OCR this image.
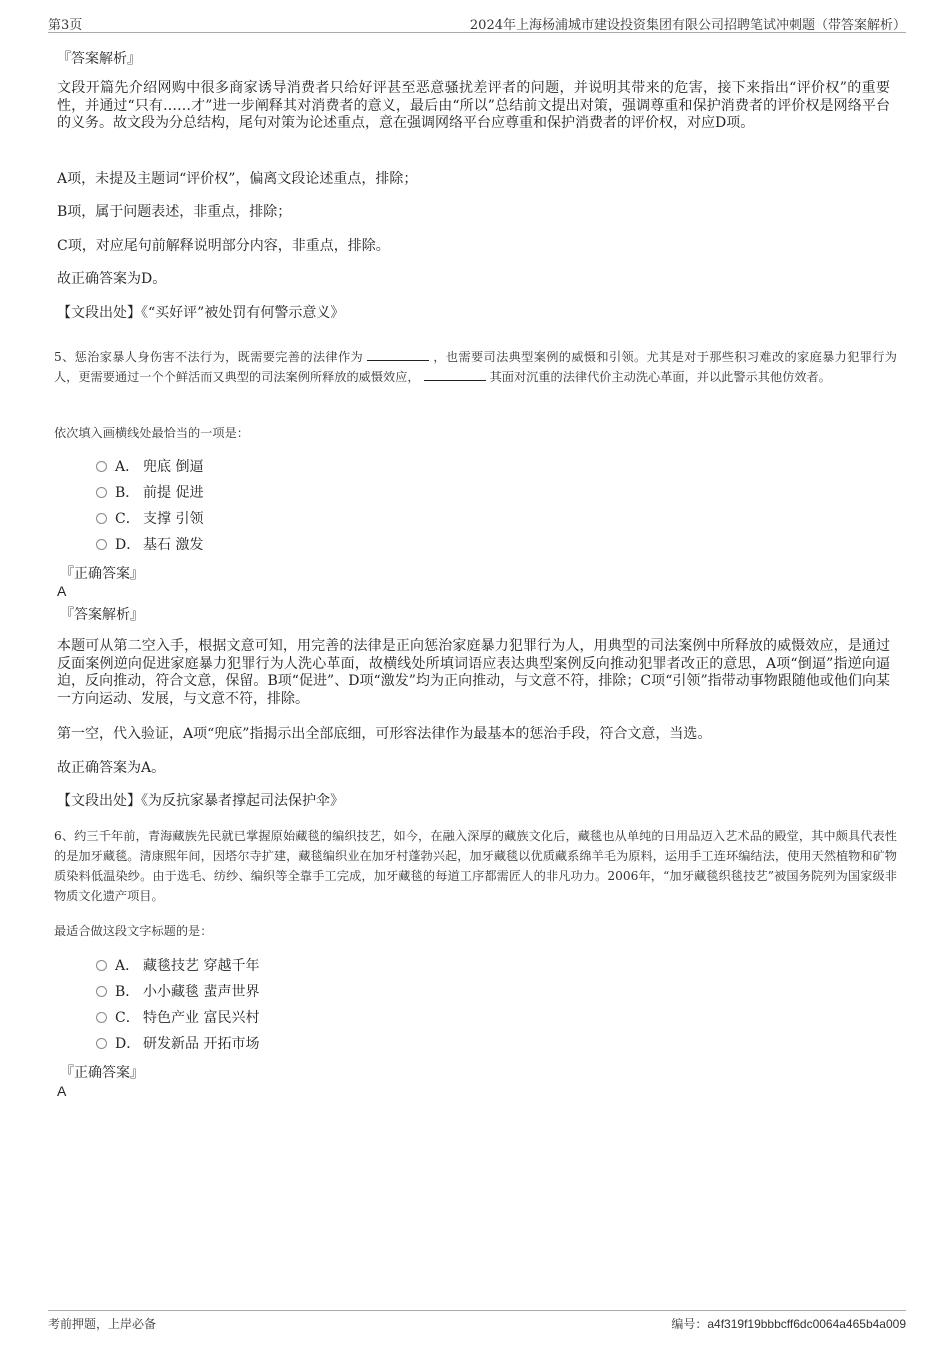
第3页	2024年上海杨浦城市建设投资集团有限公司招聘笔试冲刺题（带答案解析）
『答案解析』
文段开篇先介绍网购中很多商家诱导消费者只给好评甚至恶意骚扰差评者的问题，并说明其带来的危害，接下来指出“评价权”的重要性，并通过“只有……才”进一步阐释其对消费者的意义，最后由“所以”总结前文提出对策，强调尊重和保护消费者的评价权是网络平台的义务。故文段为分总结构，尾句对策为论述重点，意在强调网络平台应尊重和保护消费者的评价权，对应D项。
A项，未提及主题词“评价权”，偏离文段论述重点，排除；
B项，属于问题表述，非重点，排除；
C项，对应尾句前解释说明部分内容，非重点，排除。
故正确答案为D。
【文段出处】《“买好评”被处罚有何警示意义》
5、惩治家暴人身伤害不法行为，既需要完善的法律作为	，也需要司法典型案例的威慑和引领。尤其是对于那些积习难改的家庭暴力犯罪行为人，更需要通过一个个鲜活而又典型的司法案例所释放的威慑效应，	其面对沉重的法律代价主动洗心革面，并以此警示其他仿效者。
依次填入画横线处最恰当的一项是：
A． 兜底 倒逼
B． 前提 促进
C． 支撑 引领
D． 基石 激发
『正确答案』
A
『答案解析』
本题可从第二空入手，根据文意可知，用完善的法律是正向惩治家庭暴力犯罪行为人，用典型的司法案例中所释放的威慑效应，是通过反面案例逆向促进家庭暴力犯罪行为人洗心革面，故横线处所填词语应表达典型案例反向推动犯罪者改正的意思，A项“倒逼”指逆向逼迫，反向推动，符合文意，保留。B项“促进”、D项“激发”均为正向推动，与文意不符，排除；C项“引领”指带动事物跟随他或他们向某一方向运动、发展，与文意不符，排除。
第一空，代入验证，A项“兜底”指揭示出全部底细，可形容法律作为最基本的惩治手段，符合文意，当选。
故正确答案为A。
【文段出处】《为反抗家暴者撑起司法保护伞》
6、约三千年前，青海藏族先民就已掌握原始藏毯的编织技艺，如今，在融入深厚的藏族文化后，藏毯也从单纯的日用品迈入艺术品的殿堂，其中颇具代表性的是加牙藏毯。清康熙年间，因塔尔寺扩建，藏毯编织业在加牙村蓬勃兴起，加牙藏毯以优质藏系绵羊毛为原料，运用手工连环编结法，使用天然植物和矿物质染料低温染纱。由于选毛、纺纱、编织等全靠手工完成，加牙藏毯的每道工序都需匠人的非凡功力。2006年，“加牙藏毯织毯技艺”被国务院列为国家级非物质文化遗产项目。
最适合做这段文字标题的是：
A． 藏毯技艺 穿越千年
B． 小小藏毯 蜚声世界
C． 特色产业 富民兴村
D． 研发新品 开拓市场
『正确答案』
A
考前押题，上岸必备	编号：a4f319f19bbbcff6dc0064a465b4a009
